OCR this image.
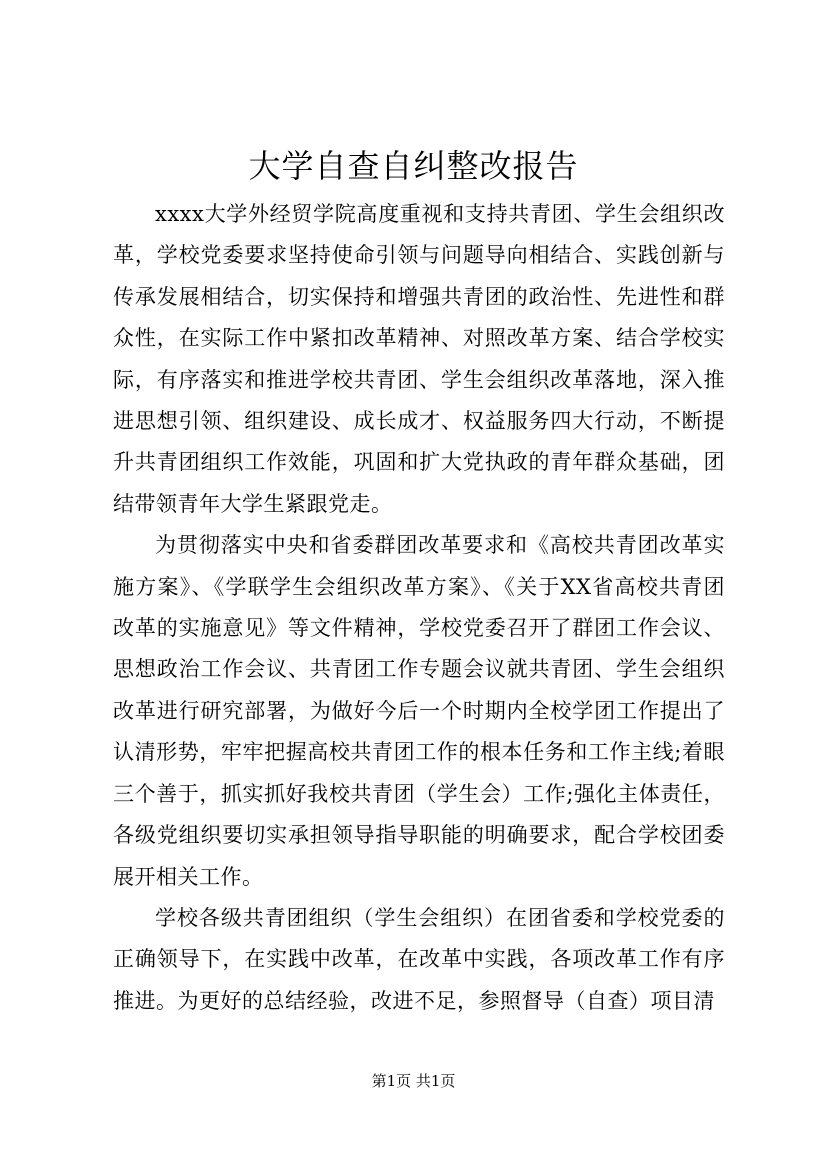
大学自查自纠整改报告

xxxx大学外经贸学院高度重视和支持共青团、学生会组织改革，学校党委要求坚持使命引领与问题导向相结合、实践创新与传承发展相结合，切实保持和增强共青团的政治性、先进性和群众性，在实际工作中紧扣改革精神、对照改革方案、结合学校实际，有序落实和推进学校共青团、学生会组织改革落地，深入推进思想引领、组织建设、成长成才、权益服务四大行动，不断提升共青团组织工作效能，巩固和扩大党执政的青年群众基础，团结带领青年大学生紧跟党走。

为贯彻落实中央和省委群团改革要求和《高校共青团改革实施方案》、《学联学生会组织改革方案》、《关于XX省高校共青团改革的实施意见》等文件精神，学校党委召开了群团工作会议、思想政治工作会议、共青团工作专题会议就共青团、学生会组织改革进行研究部署，为做好今后一个时期内全校学团工作提出了认清形势，牢牢把握高校共青团工作的根本任务和工作主线;着眼三个善于，抓实抓好我校共青团（学生会）工作;强化主体责任，各级党组织要切实承担领导指导职能的明确要求，配合学校团委展开相关工作。

学校各级共青团组织（学生会组织）在团省委和学校党委的正确领导下，在实践中改革，在改革中实践，各项改革工作有序推进。为更好的总结经验，改进不足，参照督导（自查）项目清

第1页 共1页
